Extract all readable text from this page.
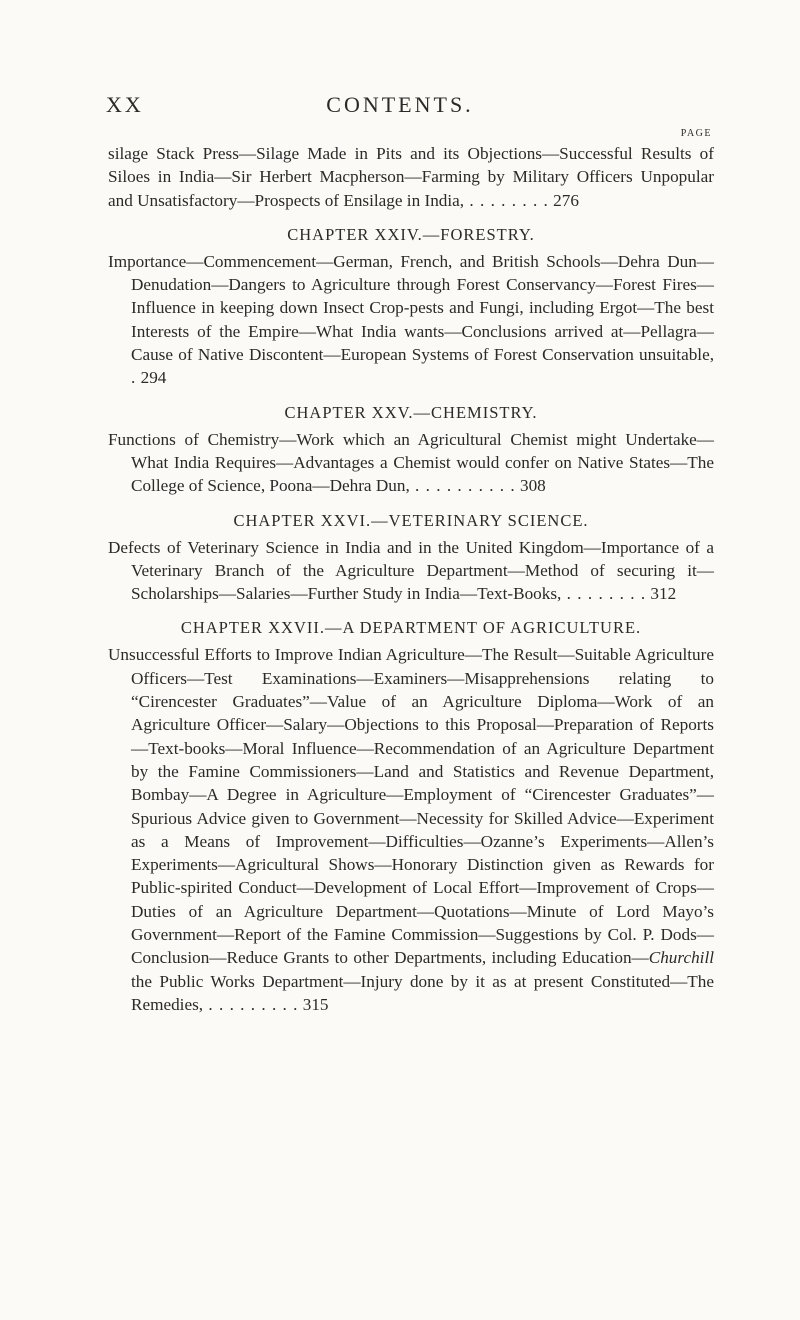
XX	CONTENTS.
PAGE

silage Stack Press—Silage Made in Pits and its Objections—Successful Results of Siloes in India—Sir Herbert Macpherson—Farming by Military Officers Unpopular and Unsatisfactory—Prospects of Ensilage in India, . . . . . . . . 276

CHAPTER XXIV.—FORESTRY.

Importance—Commencement—German, French, and British Schools—Dehra Dun—Denudation—Dangers to Agriculture through Forest Conservancy—Forest Fires—Influence in keeping down Insect Crop-pests and Fungi, including Ergot—The best Interests of the Empire—What India wants—Conclusions arrived at—Pellagra—Cause of Native Discontent—European Systems of Forest Conservation unsuitable, . 294

CHAPTER XXV.—CHEMISTRY.

Functions of Chemistry—Work which an Agricultural Chemist might Undertake—What India Requires—Advantages a Chemist would confer on Native States—The College of Science, Poona—Dehra Dun, . . . . . . . . . . 308

CHAPTER XXVI.—VETERINARY SCIENCE.

Defects of Veterinary Science in India and in the United Kingdom—Importance of a Veterinary Branch of the Agriculture Department—Method of securing it—Scholarships—Salaries—Further Study in India—Text-Books, . . . . . . . . 312

CHAPTER XXVII.—A DEPARTMENT OF AGRICULTURE.

Unsuccessful Efforts to Improve Indian Agriculture—The Result—Suitable Agriculture Officers—Test Examinations—Examiners—Misapprehensions relating to “Cirencester Graduates”—Value of an Agriculture Diploma—Work of an Agriculture Officer—Salary—Objections to this Proposal—Preparation of Reports—Text-books—Moral Influence—Recommendation of an Agriculture Department by the Famine Commissioners—Land and Statistics and Revenue Department, Bombay—A Degree in Agriculture—Employment of “Cirencester Graduates”—Spurious Advice given to Government—Necessity for Skilled Advice—Experiment as a Means of Improvement—Difficulties—Ozanne’s Experiments—Allen’s Experiments—Agricultural Shows—Honorary Distinction given as Rewards for Public-spirited Conduct—Development of Local Effort—Improvement of Crops—Duties of an Agriculture Department—Quotations—Minute of Lord Mayo’s Government—Report of the Famine Commission—Suggestions by Col. P. Dods—Conclusion—Reduce Grants to other Departments, including Education—Churchill the Public Works Department—Injury done by it as at present Constituted—The Remedies, . . . . . . . . . 315
